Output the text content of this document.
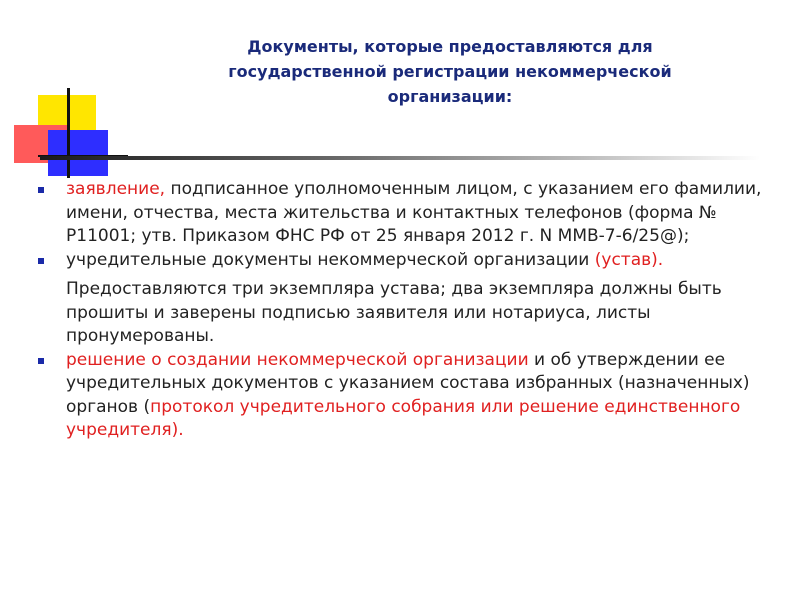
Документы, которые предоставляются для
государственной регистрации некоммерческой
организации:
заявление, подписанное уполномоченным лицом, с указанием его фамилии, имени, отчества, места жительства и контактных телефонов (форма № Р11001; утв. Приказом ФНС РФ от 25 января 2012 г. N ММВ-7-6/25@);
учредительные документы некоммерческой организации (устав).
Предоставляются три экземпляра устава; два экземпляра должны быть прошиты и заверены подписью заявителя или нотариуса, листы пронумерованы.
решение о создании некоммерческой организации и об утверждении ее учредительных документов с указанием состава избранных (назначенных) органов (протокол учредительного собрания или решение единственного учредителя).
